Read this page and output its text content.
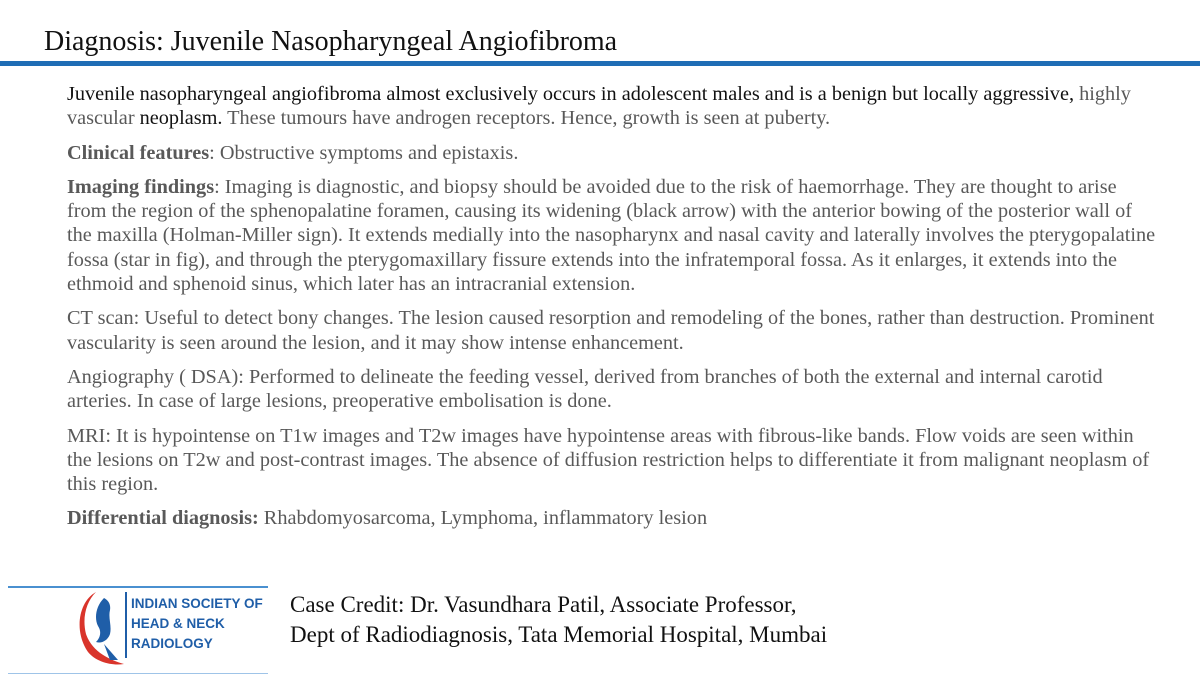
Diagnosis: Juvenile Nasopharyngeal Angiofibroma

Juvenile nasopharyngeal angiofibroma almost exclusively occurs in adolescent males and is a benign but locally aggressive, highly vascular neoplasm. These tumours have androgen receptors. Hence, growth is seen at puberty.

Clinical features: Obstructive symptoms and epistaxis.

Imaging findings: Imaging is diagnostic, and biopsy should be avoided due to the risk of haemorrhage. They are thought to arise from the region of the sphenopalatine foramen, causing its widening (black arrow) with the anterior bowing of the posterior wall of the maxilla (Holman-Miller sign). It extends medially into the nasopharynx and nasal cavity and laterally involves the pterygopalatine fossa (star in fig), and through the pterygomaxillary fissure extends into the infratemporal fossa. As it enlarges, it extends into the ethmoid and sphenoid sinus, which later has an intracranial extension.

CT scan: Useful to detect bony changes. The lesion caused resorption and remodeling of the bones, rather than destruction. Prominent vascularity is seen around the lesion, and it may show intense enhancement.

Angiography ( DSA): Performed to delineate the feeding vessel, derived from branches of both the external and internal carotid arteries. In case of large lesions, preoperative embolisation is done.

MRI: It is hypointense on T1w images and T2w images have hypointense areas with fibrous-like bands. Flow voids are seen within the lesions on T2w and post-contrast images. The absence of diffusion restriction helps to differentiate it from malignant neoplasm of this region.

Differential diagnosis: Rhabdomyosarcoma, Lymphoma, inflammatory lesion

INDIAN SOCIETY OF
HEAD & NECK
RADIOLOGY
Case Credit: Dr. Vasundhara Patil, Associate Professor,
Dept of Radiodiagnosis, Tata Memorial Hospital, Mumbai
